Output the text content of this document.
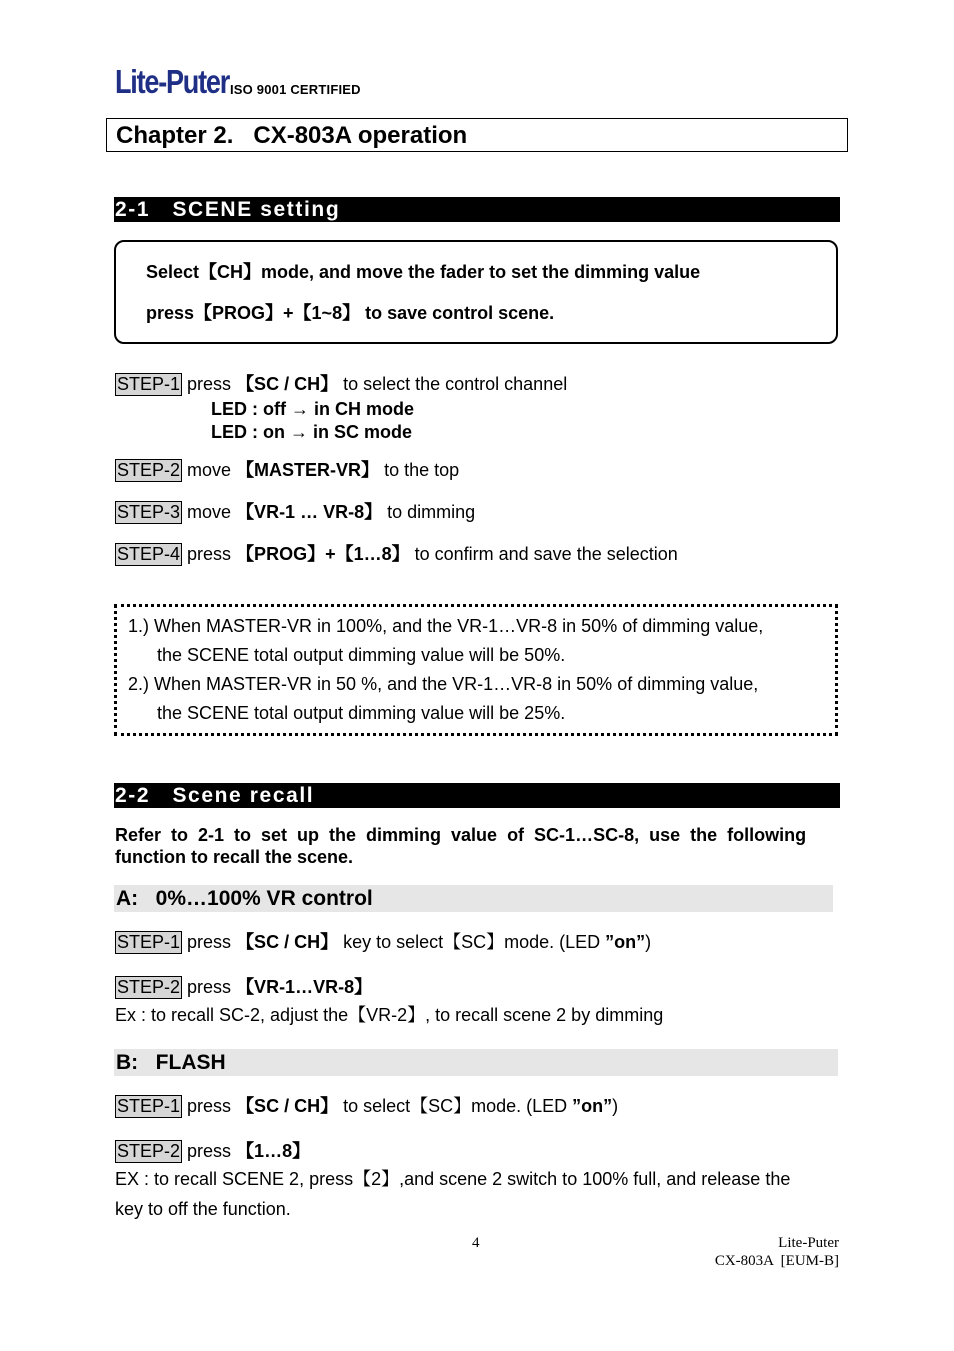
Lite-Puter ISO 9001 CERTIFIED
Chapter 2.   CX-803A operation

2-1   SCENE setting

Select【CH】mode, and move the fader to set the dimming value
press【PROG】+【1~8】 to save control scene.
STEP-1 press 【SC / CH】 to select the control channel
LED : off → in CH mode
LED : on → in SC mode
STEP-2 move 【MASTER-VR】 to the top
STEP-3 move 【VR-1 … VR-8】 to dimming
STEP-4 press 【PROG】+【1…8】 to confirm and save the selection
1.) When MASTER-VR in 100%, and the VR-1…VR-8 in 50% of dimming value,
the SCENE total output dimming value will be 50%.
2.) When MASTER-VR in 50 %, and the VR-1…VR-8 in 50% of dimming value,
the SCENE total output dimming value will be 25%.

2-2   Scene recall

Refer  to  2-1  to  set  up  the  dimming  value  of  SC-1…SC-8,  use  the  following
function to recall the scene.
A:   0%…100% VR control
STEP-1 press 【SC / CH】 key to select【SC】mode. (LED ”on”)
STEP-2 press 【VR-1…VR-8】
Ex : to recall SC-2, adjust the【VR-2】, to recall scene 2 by dimming
B:   FLASH
STEP-1 press 【SC / CH】 to select【SC】mode. (LED ”on”)
STEP-2 press 【1…8】
EX : to recall SCENE 2, press【2】,and scene 2 switch to 100% full, and release the
key to off the function.
4	Lite-Puter
CX-803A  [EUM-B]
